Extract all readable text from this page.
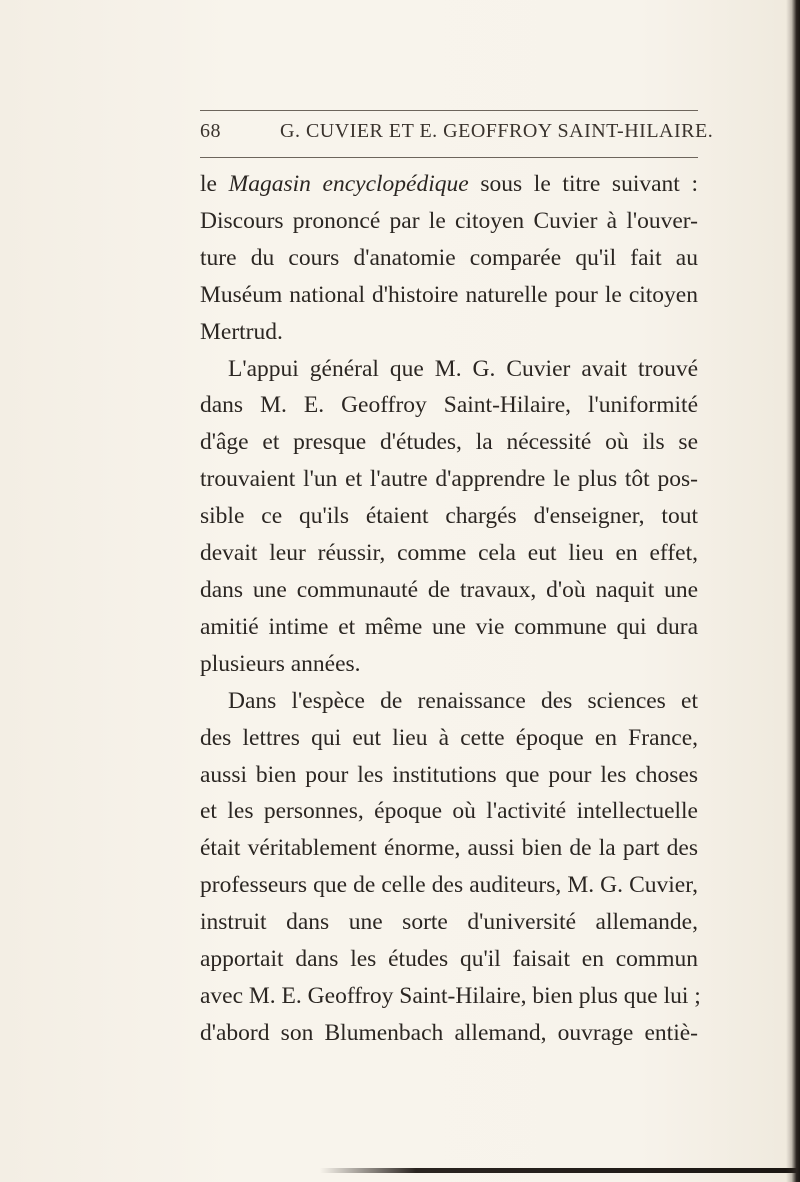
68	G. CUVIER ET E. GEOFFROY SAINT-HILAIRE.
le Magasin encyclopédique sous le titre suivant :
Discours prononcé par le citoyen Cuvier à l'ouver-
ture du cours d'anatomie comparée qu'il fait au
Muséum national d'histoire naturelle pour le citoyen
Mertrud.
L'appui général que M. G. Cuvier avait trouvé
dans M. E. Geoffroy Saint-Hilaire, l'uniformité
d'âge et presque d'études, la nécessité où ils se
trouvaient l'un et l'autre d'apprendre le plus tôt pos-
sible ce qu'ils étaient chargés d'enseigner, tout
devait leur réussir, comme cela eut lieu en effet,
dans une communauté de travaux, d'où naquit une
amitié intime et même une vie commune qui dura
plusieurs années.
Dans l'espèce de renaissance des sciences et
des lettres qui eut lieu à cette époque en France,
aussi bien pour les institutions que pour les choses
et les personnes, époque où l'activité intellectuelle
était véritablement énorme, aussi bien de la part des
professeurs que de celle des auditeurs, M. G. Cuvier,
instruit dans une sorte d'université allemande,
apportait dans les études qu'il faisait en commun
avec M. E. Geoffroy Saint-Hilaire, bien plus que lui ;
d'abord son Blumenbach allemand, ouvrage entiè-
